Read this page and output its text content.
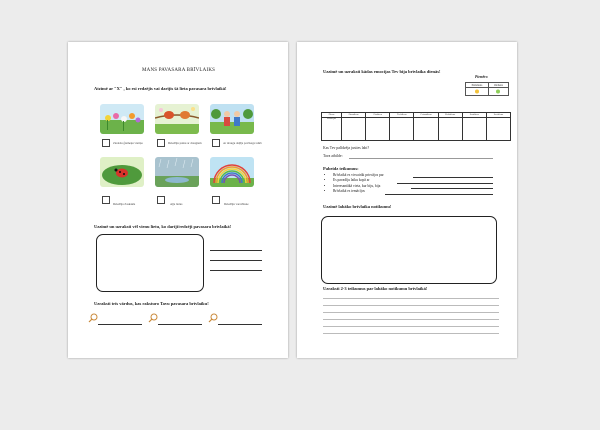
MANS PAVASARA BRĪVLAIKS
Atzīmē ar "X" , ko esi redzējis vai darījis šā lieta pavasara brīvlaikā!
Ziedošu ģiemeņu vietiņa	Dziedāju putnu ar draugiem	Ar draugu daļāja pavāsaga taikā
Dziedāja Zaskakla	Aļļa lietus	Dziedāju varavīksne
Uzzīmē un uzraksti vēl vienu lietu, ko darīji/redzēji pavasara brīvlaikā!
Uzraksti trīs vārdus, kas raksturo Tavu pavasara brīvlaiku!
Uzzīmē un uzraksti kādas emocijas Tev bija brīvlaika dienās!
Piemērs:
Pirmdiena	Otrdiena

Diena	Pirmdiena	Otrdiena	Trešdiena	Ceturtdiena	Piektdiena	Sestdiena	Svētdiena
Emocijas							
Kas Tev palīdzēja justies labi?
Tava atbilde:
Pabeidz teikumus:
• Brīvlaikā es visvairāk priecājos par
• Es pavadīju laiku kopā ar
• Interesantākā vieta, kur biju, bija
• Brīvlaikā es iemācījos
Uzzīmē labāko brīvlaika notikumu!
Uzraksti 2-3 teikumus par labāko notikumu brīvlaikā!
